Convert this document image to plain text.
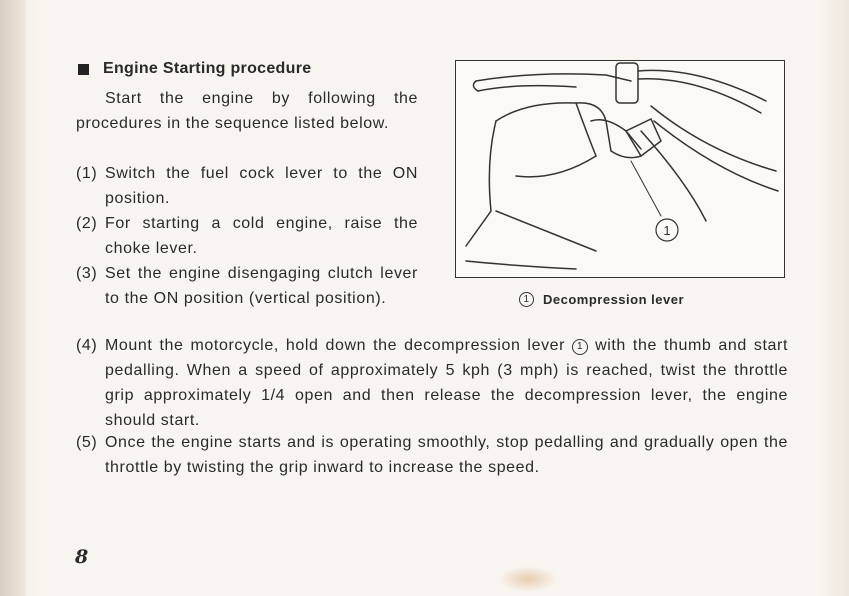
Engine Starting procedure
Start the engine by following the procedures in the sequence listed below.
(1) Switch the fuel cock lever to the ON position.
(2) For starting a cold engine, raise the choke lever.
(3) Set the engine disengaging clutch lever to the ON position (vertical position).
(4) Mount the motorcycle, hold down the decompression lever 1 with the thumb and start pedalling. When a speed of approximately 5 kph (3 mph) is reached, twist the throttle grip approximately 1/4 open and then release the decompression lever, the engine should start.
(5) Once the engine starts and is operating smoothly, stop pedalling and gradually open the throttle by twisting the grip inward to increase the speed.
1
1	Decompression lever
8
